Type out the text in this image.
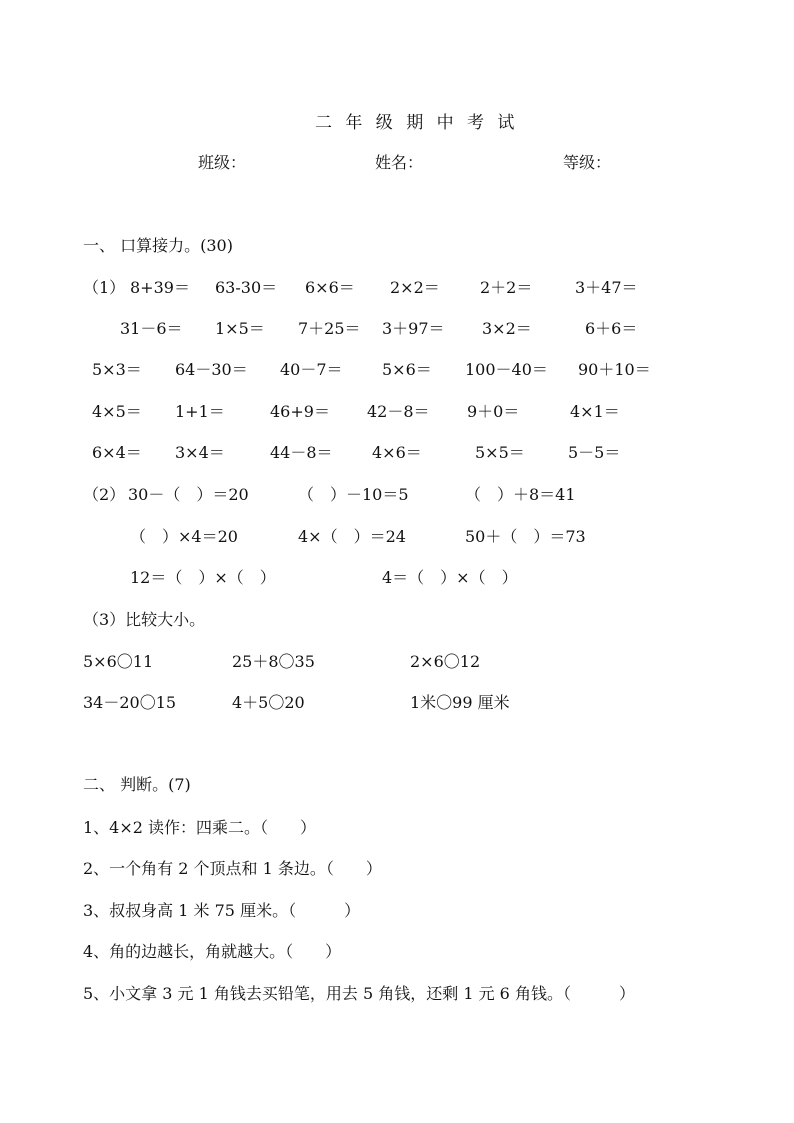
二 年 级 期 中 考 试
班级：	姓名：	等级：
一、 口算接力。(30)
（1） 8+39＝ 63-30＝ 6×6＝ 2×2＝	2＋2＝	3＋47＝
31－6＝ 1×5＝ 7＋25＝ 3＋97＝ 3×2＝	6＋6＝
5×3＝ 64－30＝ 40－7＝ 5×6＝ 100－40＝ 90＋10＝
4×5＝ 1+1＝	46+9＝ 42－8＝ 9＋0＝	4×1＝
6×4＝ 3×4＝	44－8＝ 4×6＝	5×5＝	5－5＝
（2） 30－（　）＝20	（　）－10＝5	（　）＋8＝41
（　）×4＝20	4×（　）＝24	50＋（　）＝73
12＝（　）×（　）	4＝（　）×（　）
（3）比较大小。
5×6〇11	25＋8〇35	2×6〇12
34－20〇15	4＋5〇20	1米〇99 厘米
二、 判断。(7)
1、4×2 读作：四乘二。（　　）
2、一个角有 2 个顶点和 1 条边。（　　）
3、叔叔身高 1 米 75 厘米。（　　　）
4、角的边越长，角就越大。（　　）
5、小文拿 3 元 1 角钱去买铅笔，用去 5 角钱，还剩 1 元 6 角钱。（　　　）
